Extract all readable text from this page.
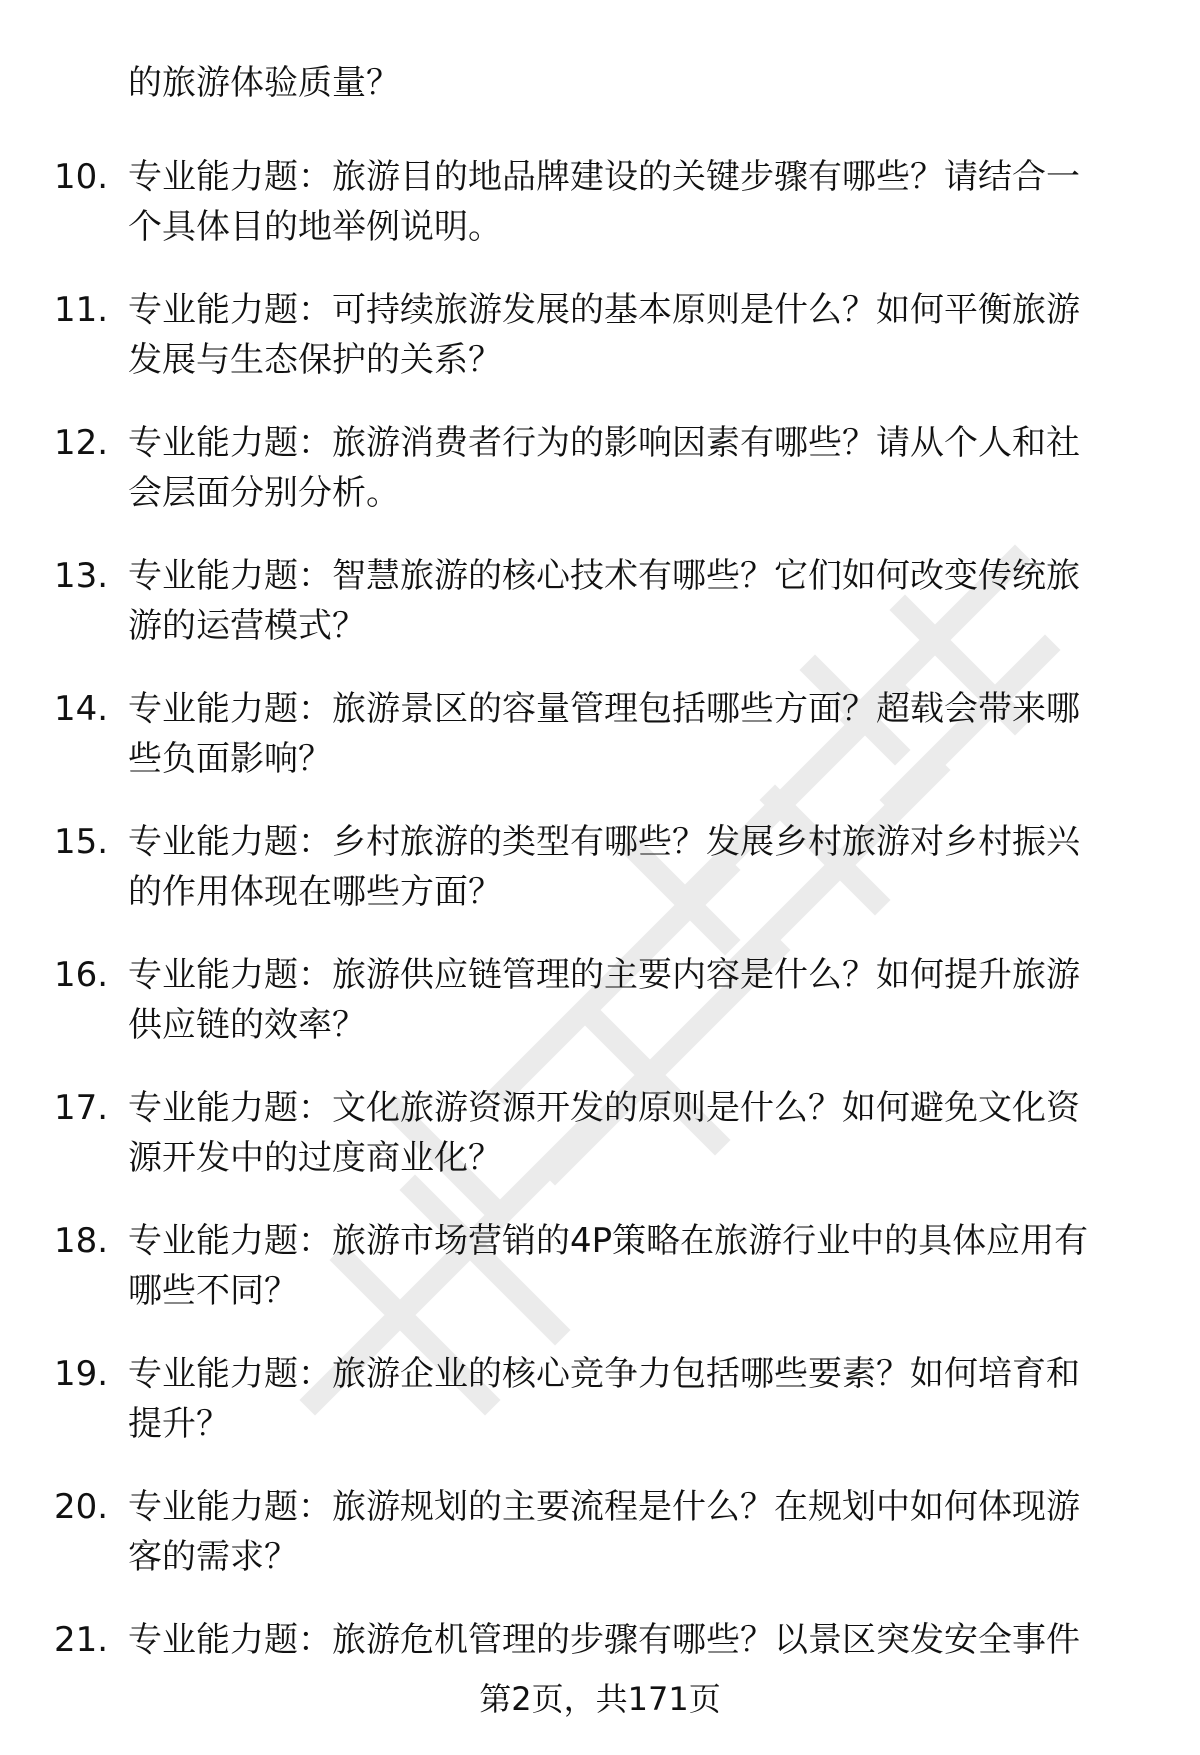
的旅游体验质量？
10. 专业能力题：旅游目的地品牌建设的关键步骤有哪些？请结合一
个具体目的地举例说明。
11. 专业能力题：可持续旅游发展的基本原则是什么？如何平衡旅游
发展与生态保护的关系？
12. 专业能力题：旅游消费者行为的影响因素有哪些？请从个人和社
会层面分别分析。
13. 专业能力题：智慧旅游的核心技术有哪些？它们如何改变传统旅
游的运营模式？
14. 专业能力题：旅游景区的容量管理包括哪些方面？超载会带来哪
些负面影响？
15. 专业能力题：乡村旅游的类型有哪些？发展乡村旅游对乡村振兴
的作用体现在哪些方面？
16. 专业能力题：旅游供应链管理的主要内容是什么？如何提升旅游
供应链的效率？
17. 专业能力题：文化旅游资源开发的原则是什么？如何避免文化资
源开发中的过度商业化？
18. 专业能力题：旅游市场营销的4P策略在旅游行业中的具体应用有
哪些不同？
19. 专业能力题：旅游企业的核心竞争力包括哪些要素？如何培育和
提升？
20. 专业能力题：旅游规划的主要流程是什么？在规划中如何体现游
客的需求？
21. 专业能力题：旅游危机管理的步骤有哪些？以景区突发安全事件
第2页，共171页
